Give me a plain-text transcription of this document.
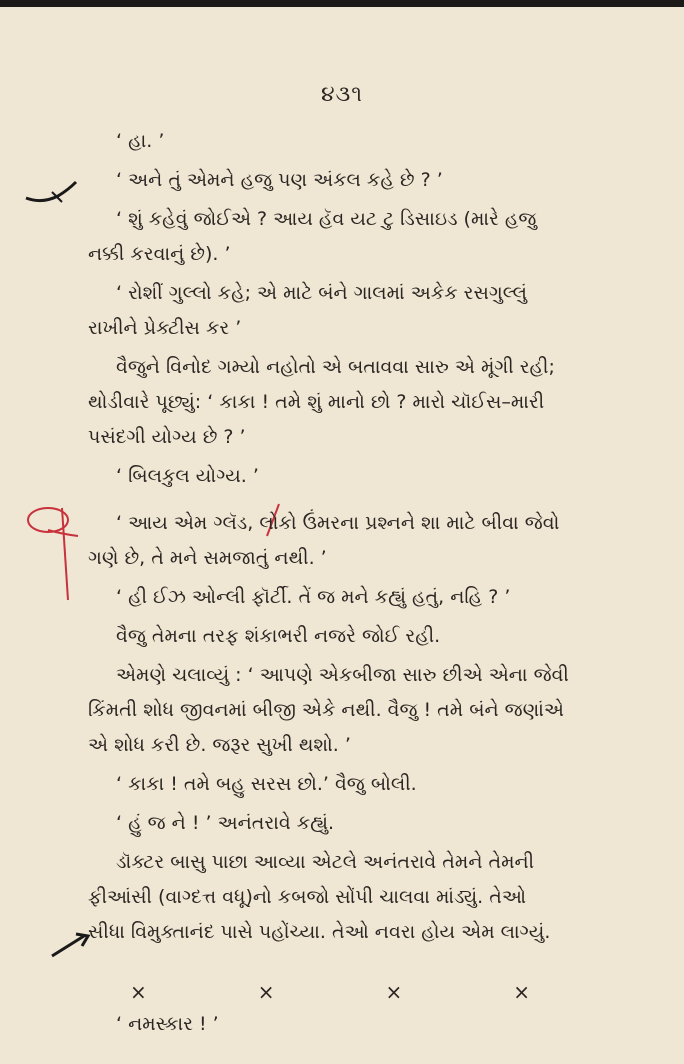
૪૩૧
‘ હા. ’
‘ અને તું એમને હજુ પણ અંકલ કહે છે ? ’
‘ શું કહેવું જોઈએ ? આય હૅવ યટ ટુ ડિસાઇડ (મારે હજુ
નક્કી કરવાનું છે). ’
‘ રોશીં ગુલ્લો કહે; એ માટે બંને ગાલમાં અકેક રસગુલ્લું
રાખીને પ્રેક્ટીસ કર ’
વૈજુને વિનોદ ગમ્યો નહોતો એ બતાવવા સારુ એ મૂંગી રહી;
થોડીવારે પૂછ્યું: ‘ કાકા ! તમે શું માનો છો ? મારો ચૉઈસ–મારી
પસંદગી યોગ્ય છે ? ’
‘ બિલકુલ યોગ્ય. ’
‘ આય એમ ગ્લૅડ, લોકો ઉંમરના પ્રશ્નને શા માટે બીવા જેવો
ગણે છે, તે મને સમજાતું નથી. ’
‘ હી ઈઝ ઓન્લી ફૉર્ટી. તેં જ મને કહ્યું હતું, નહિ ? ’
વૈજુ તેમના તરફ શંકાભરી નજરે જોઈ રહી.
એમણે ચલાવ્યું : ‘ આપણે એકબીજા સારુ છીએ એના જેવી
કિંમતી શોધ જીવનમાં બીજી એકે નથી. વૈજુ ! તમે બંને જણાંએ
એ શોધ કરી છે. જરૂર સુખી થશો. ’
‘ કાકા ! તમે બહુ સરસ છો.’ વૈજુ બોલી.
‘ હું જ ને ! ’ અનંતરાવે કહ્યું.
ડૉક્ટર બાસુ પાછા આવ્યા એટલે અનંતરાવે તેમને તેમની
ફીઆંસી (વાગ્દત્ત વધૂ)નો કબજો સોંપી ચાલવા માંડ્યું. તેઓ
સીધા વિમુક્તાનંદ પાસે પહોંચ્યા. તેઓ નવરા હોય એમ લાગ્યું.
×	×	×	×
‘ નમસ્કાર ! ’
